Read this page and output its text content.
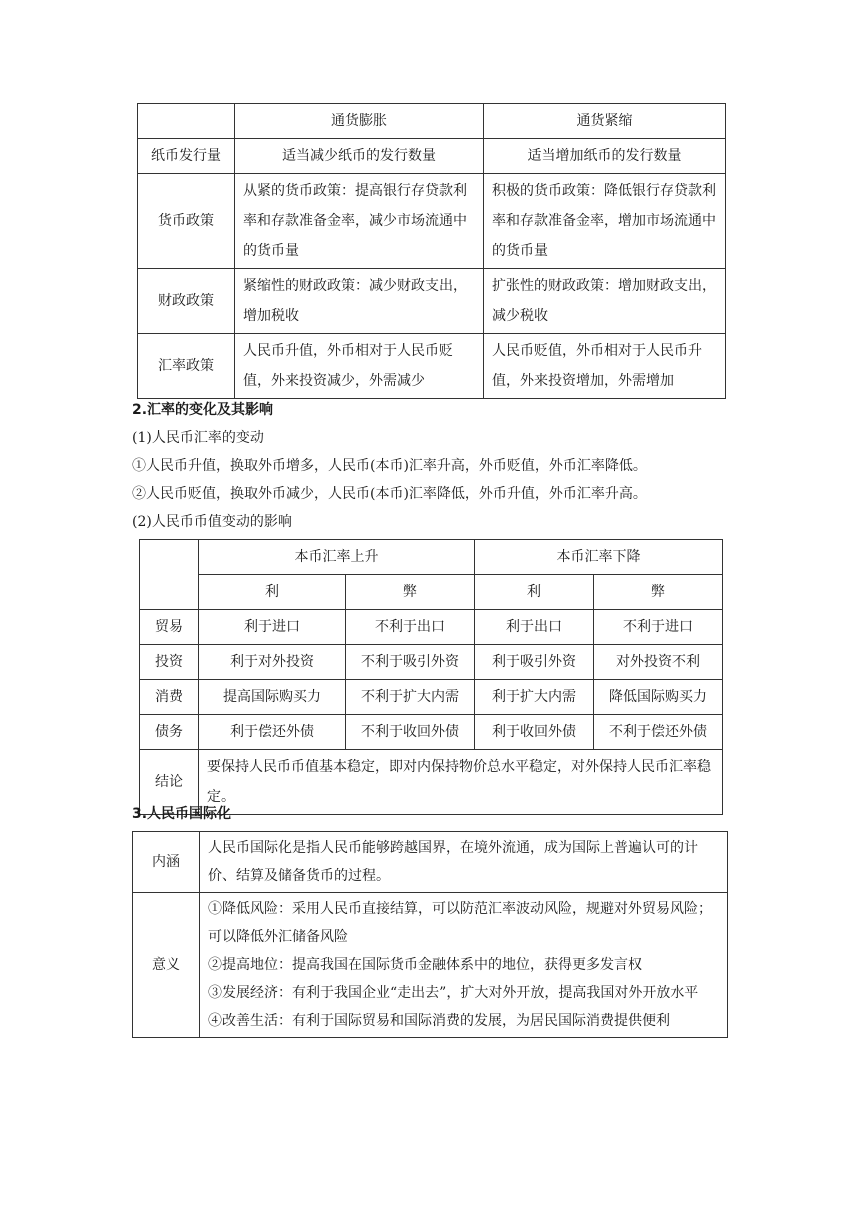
	通货膨胀	通货紧缩
纸币发行量	适当减少纸币的发行数量	适当增加纸币的发行数量
货币政策	从紧的货币政策：提高银行存贷款利率和存款准备金率，减少市场流通中的货币量	积极的货币政策：降低银行存贷款利率和存款准备金率，增加市场流通中的货币量
财政政策	紧缩性的财政政策：减少财政支出，增加税收	扩张性的财政政策：增加财政支出，减少税收
汇率政策	人民币升值，外币相对于人民币贬值，外来投资减少，外需减少	人民币贬值，外币相对于人民币升值，外来投资增加，外需增加

2.汇率的变化及其影响

(1)人民币汇率的变动

①人民币升值，换取外币增多，人民币(本币)汇率升高，外币贬值，外币汇率降低。

②人民币贬值，换取外币减少，人民币(本币)汇率降低，外币升值，外币汇率升高。

(2)人民币币值变动的影响

	本币汇率上升		本币汇率下降	
	利	弊	利	弊
贸易	利于进口	不利于出口	利于出口	不利于进口
投资	利于对外投资	不利于吸引外资	利于吸引外资	对外投资不利
消费	提高国际购买力	不利于扩大内需	利于扩大内需	降低国际购买力
债务	利于偿还外债	不利于收回外债	利于收回外债	不利于偿还外债
结论	要保持人民币币值基本稳定，即对内保持物价总水平稳定，对外保持人民币汇率稳定。			

3.人民币国际化

内涵	人民币国际化是指人民币能够跨越国界，在境外流通，成为国际上普遍认可的计价、结算及储备货币的过程。
意义	①降低风险：采用人民币直接结算，可以防范汇率波动风险，规避对外贸易风险；可以降低外汇储备风险
②提高地位：提高我国在国际货币金融体系中的地位，获得更多发言权
③发展经济：有利于我国企业“走出去”，扩大对外开放，提高我国对外开放水平
④改善生活：有利于国际贸易和国际消费的发展，为居民国际消费提供便利
